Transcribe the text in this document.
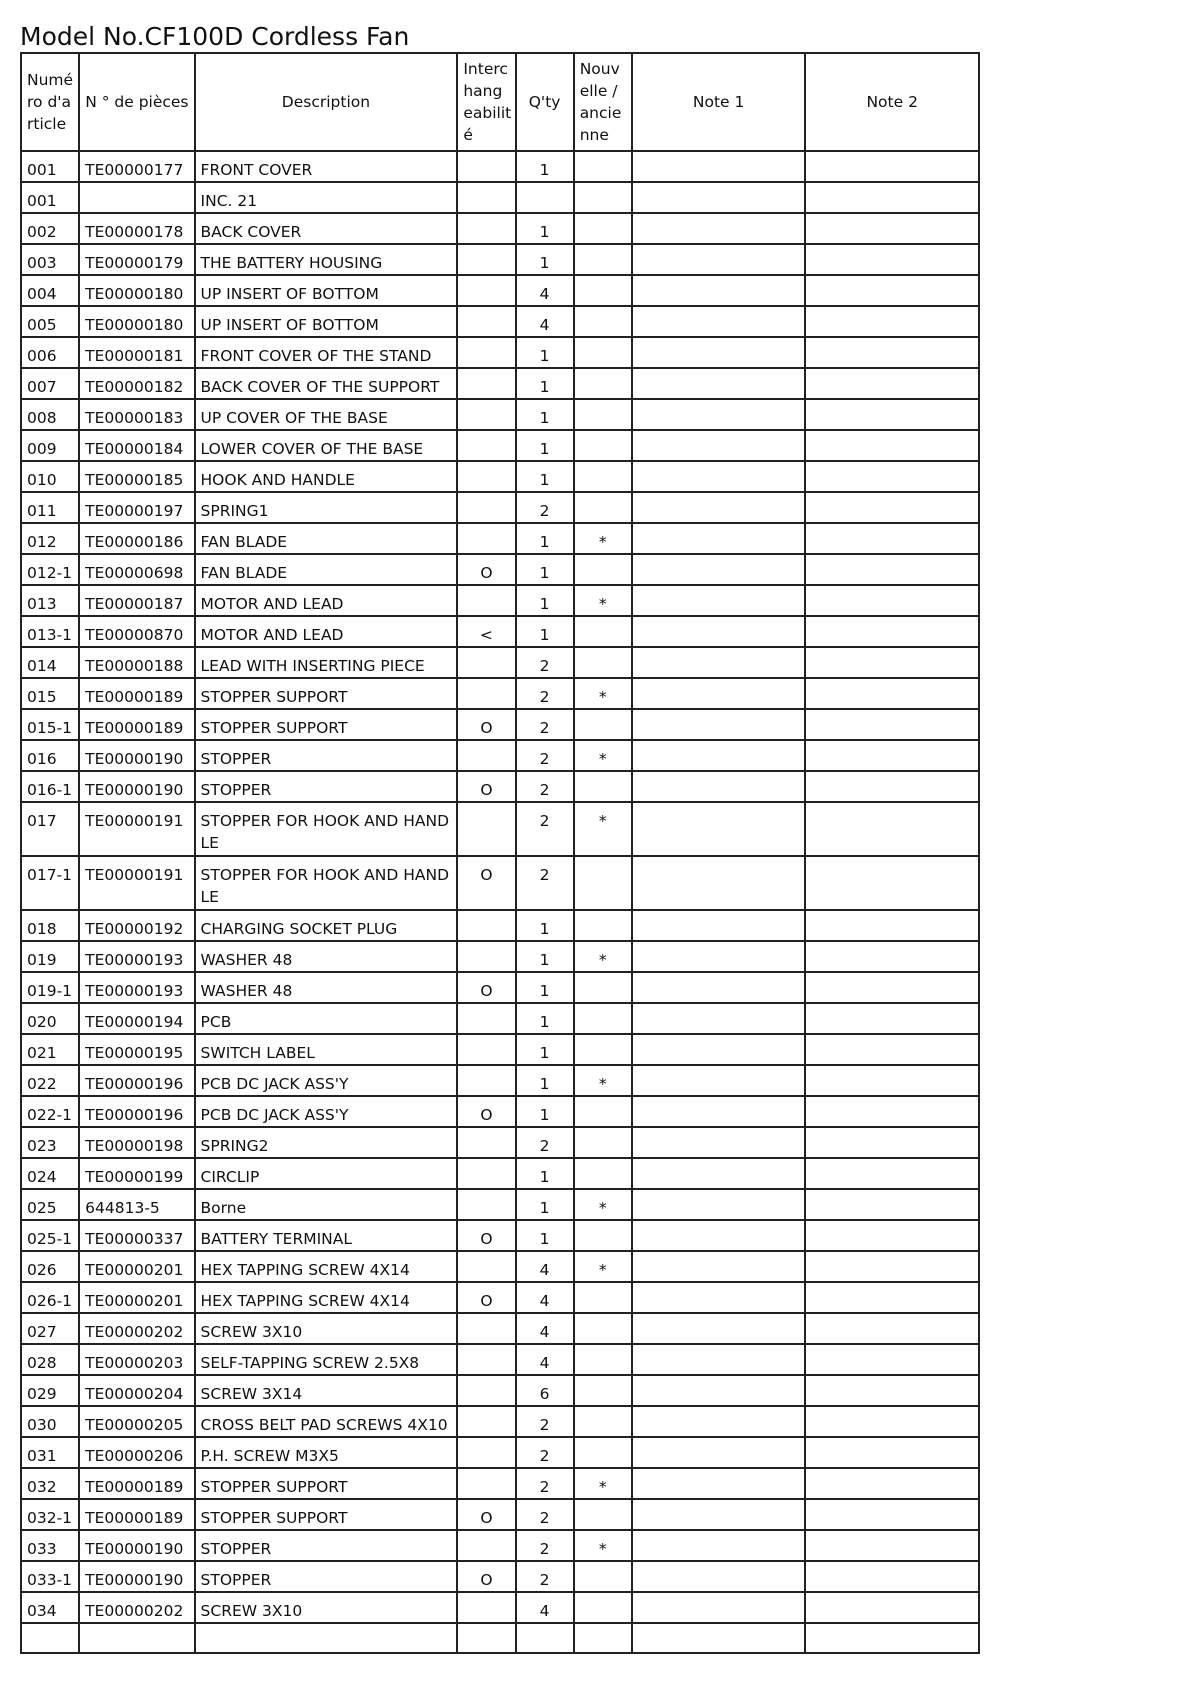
Model No.CF100D Cordless Fan
Numé ro d'a rticle	N ° de pièces	Description	Interc hang eabilit é	Q'ty	Nouv elle / ancie nne	Note 1	Note 2
001	TE00000177	FRONT COVER		1			
001		INC. 21					
002	TE00000178	BACK COVER		1			
003	TE00000179	THE BATTERY HOUSING		1			
004	TE00000180	UP INSERT OF BOTTOM		4			
005	TE00000180	UP INSERT OF BOTTOM		4			
006	TE00000181	FRONT COVER OF THE STAND		1			
007	TE00000182	BACK COVER OF THE SUPPORT		1			
008	TE00000183	UP COVER OF THE BASE		1			
009	TE00000184	LOWER COVER OF THE BASE		1			
010	TE00000185	HOOK AND HANDLE		1			
011	TE00000197	SPRING1		2			
012	TE00000186	FAN BLADE		1	*		
012-1	TE00000698	FAN BLADE	O	1			
013	TE00000187	MOTOR AND LEAD		1	*		
013-1	TE00000870	MOTOR AND LEAD	<	1			
014	TE00000188	LEAD WITH INSERTING PIECE		2			
015	TE00000189	STOPPER SUPPORT		2	*		
015-1	TE00000189	STOPPER SUPPORT	O	2			
016	TE00000190	STOPPER		2	*		
016-1	TE00000190	STOPPER	O	2			
017	TE00000191	STOPPER FOR HOOK AND HAND LE		2	*		
017-1	TE00000191	STOPPER FOR HOOK AND HAND LE	O	2			
018	TE00000192	CHARGING SOCKET PLUG		1			
019	TE00000193	WASHER 48		1	*		
019-1	TE00000193	WASHER 48	O	1			
020	TE00000194	PCB		1			
021	TE00000195	SWITCH LABEL		1			
022	TE00000196	PCB DC JACK ASS'Y		1	*		
022-1	TE00000196	PCB DC JACK ASS'Y	O	1			
023	TE00000198	SPRING2		2			
024	TE00000199	CIRCLIP		1			
025	644813-5	Borne		1	*		
025-1	TE00000337	BATTERY TERMINAL	O	1			
026	TE00000201	HEX TAPPING SCREW 4X14		4	*		
026-1	TE00000201	HEX TAPPING SCREW 4X14	O	4			
027	TE00000202	SCREW 3X10		4			
028	TE00000203	SELF-TAPPING SCREW 2.5X8		4			
029	TE00000204	SCREW 3X14		6			
030	TE00000205	CROSS BELT PAD SCREWS 4X10		2			
031	TE00000206	P.H. SCREW M3X5		2			
032	TE00000189	STOPPER SUPPORT		2	*		
032-1	TE00000189	STOPPER SUPPORT	O	2			
033	TE00000190	STOPPER		2	*		
033-1	TE00000190	STOPPER	O	2			
034	TE00000202	SCREW 3X10		4			
